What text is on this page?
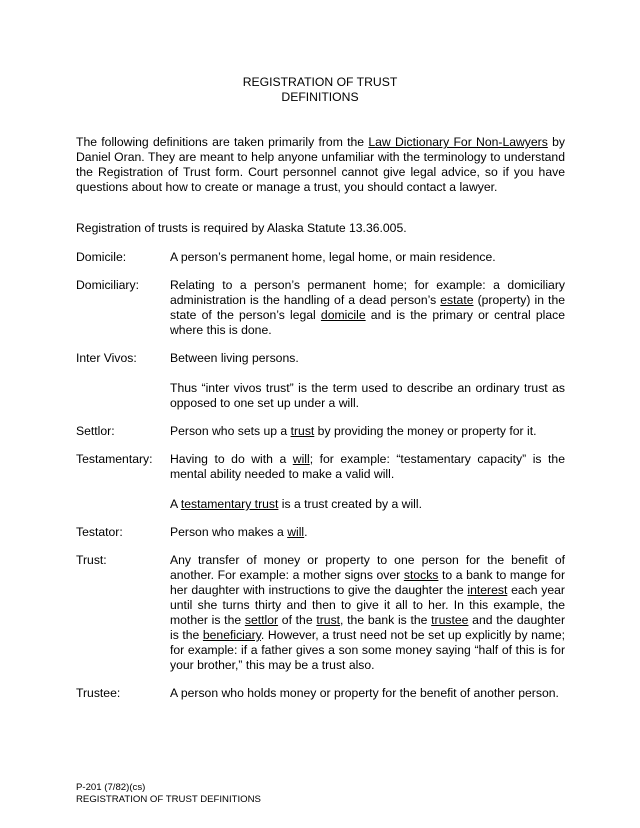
REGISTRATION OF TRUST
DEFINITIONS
The following definitions are taken primarily from the Law Dictionary For Non-Lawyers by Daniel Oran. They are meant to help anyone unfamiliar with the terminology to understand the Registration of Trust form. Court personnel cannot give legal advice, so if you have questions about how to create or manage a trust, you should contact a lawyer.
Registration of trusts is required by Alaska Statute 13.36.005.
Domicile:	A person’s permanent home, legal home, or main residence.

Domiciliary:	Relating to a person’s permanent home; for example: a domiciliary administration is the handling of a dead person’s estate (property) in the state of the person’s legal domicile and is the primary or central place where this is done.

Inter Vivos:	Between living persons.

Thus “inter vivos trust” is the term used to describe an ordinary trust as opposed to one set up under a will.

Settlor:	Person who sets up a trust by providing the money or property for it.

Testamentary:	Having to do with a will; for example: “testamentary capacity” is the mental ability needed to make a valid will.

A testamentary trust is a trust created by a will.

Testator:	Person who makes a will.

Trust:	Any transfer of money or property to one person for the benefit of another. For example: a mother signs over stocks to a bank to mange for her daughter with instructions to give the daughter the interest each year until she turns thirty and then to give it all to her. In this example, the mother is the settlor of the trust, the bank is the trustee and the daughter is the beneficiary. However, a trust need not be set up explicitly by name; for example: if a father gives a son some money saying “half of this is for your brother,” this may be a trust also.

Trustee:	A person who holds money or property for the benefit of another person.

P-201 (7/82)(cs)
REGISTRATION OF TRUST DEFINITIONS
